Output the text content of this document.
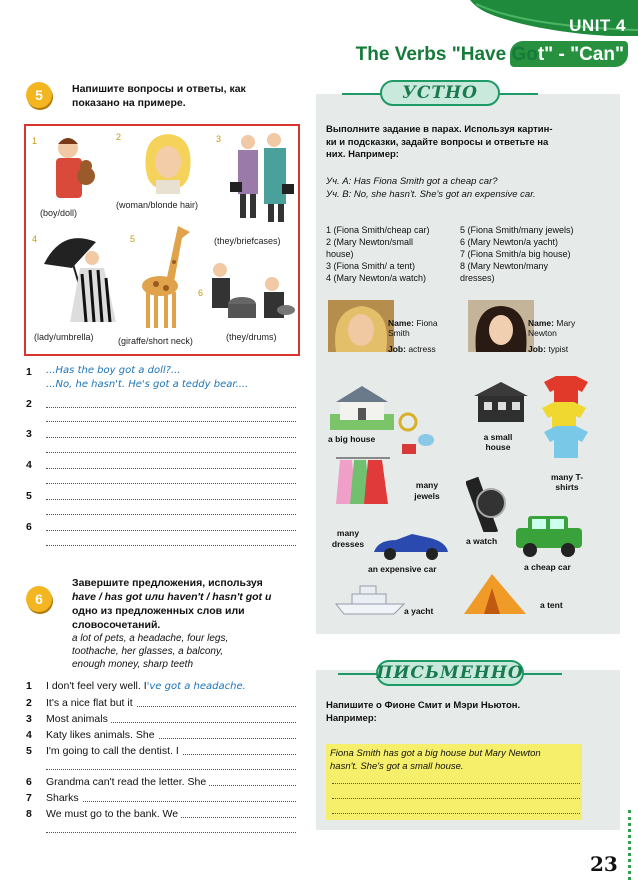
UNIT 4
The Verbs "Have Got" - "Can"
5	Напишите вопросы и ответы, как показано на примере.
1
(boy/doll)
2
(woman/blonde hair)
3
(they/briefcases)
4
(lady/umbrella)
5
(giraffe/short neck)
6
(they/drums)
1 ...Has the boy got a doll?...
...No, he hasn't. He's got a teddy bear....
2
3
4
5
6
6
Завершите предложения, используя
have / has got или haven't / hasn't got и
одно из предложенных слов или
словосочетаний.
a lot of pets, a headache, four legs,
toothache, her glasses, a balcony,
enough money, sharp teeth
1 I don't feel very well. I've got a headache.
2 It's a nice flat but it
3 Most animals
4 Katy likes animals. She
5 I'm going to call the dentist. I
6 Grandma can't read the letter. She
7 Sharks
8 We must go to the bank. We
УСТНО
Выполните задание в парах. Используя картин-
ки и подсказки, задайте вопросы и ответьте на
них. Например:
Уч. А: Has Fiona Smith got a cheap car?
Уч. В: No, she hasn't. She's got an expensive car.
1 (Fiona Smith/cheap car)
2 (Mary Newton/small
house)
3 (Fiona Smith/ a tent)
4 (Mary Newton/a watch)
5 (Fiona Smith/many jewels)
6 (Mary Newton/a yacht)
7 (Fiona Smith/a big house)
8 (Mary Newton/many
dresses)
Name: Fiona Smith
Job: actress
Name: Mary Newton
Job: typist
a big house
many jewels
a small house
many T-shirts
many dresses	a watch
a cheap car
an expensive car
a tent
a yacht
ПИСЬМЕННО
Напишите о Фионе Смит и Мэри Ньютон.
Например:
Fiona Smith has got a big house but Mary Newton
hasn't. She's got a small house.
23
